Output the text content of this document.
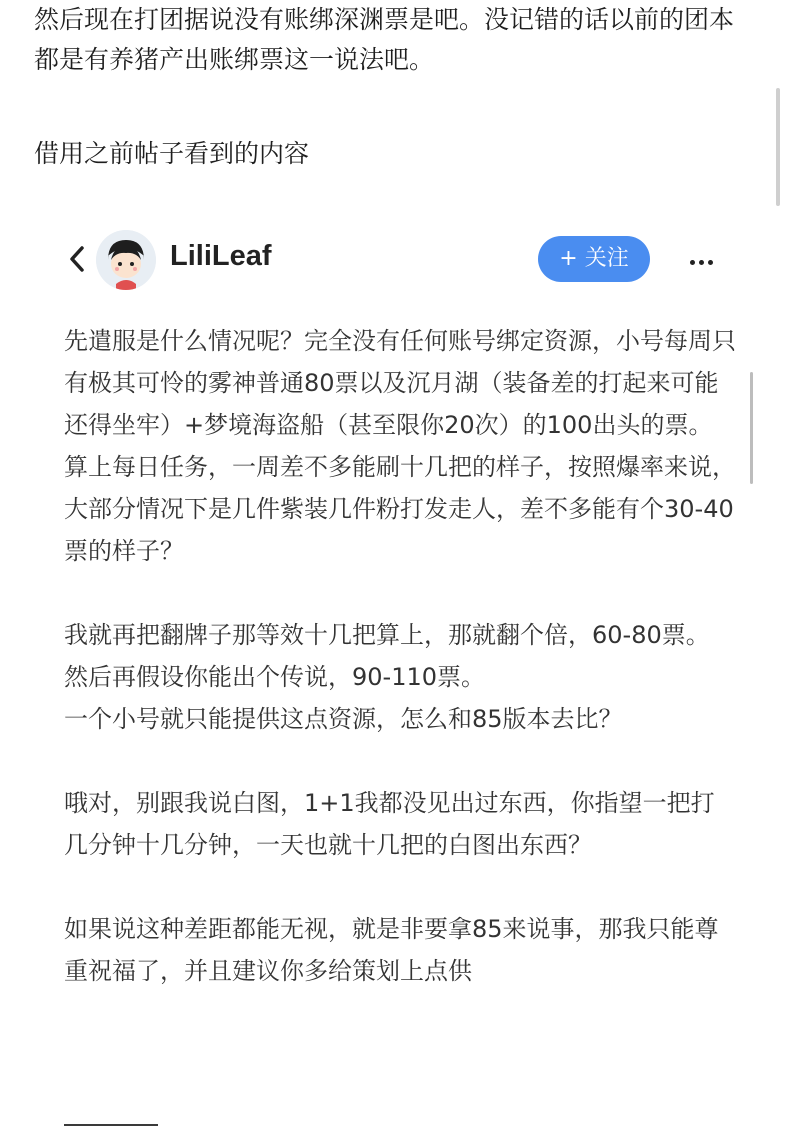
然后现在打团据说没有账绑深渊票是吧。没记错的话以前的团本都是有养猪产出账绑票这一说法吧。

借用之前帖子看到的内容

LiliLeaf	+ 关注

先遣服是什么情况呢？完全没有任何账号绑定资源，小号每周只有极其可怜的雾神普通80票以及沉月湖（装备差的打起来可能还得坐牢）+梦境海盗船（甚至限你20次）的100出头的票。

算上每日任务，一周差不多能刷十几把的样子，按照爆率来说，大部分情况下是几件紫装几件粉打发走人，差不多能有个30-40票的样子？

我就再把翻牌子那等效十几把算上，那就翻个倍，60-80票。

然后再假设你能出个传说，90-110票。

一个小号就只能提供这点资源，怎么和85版本去比？

哦对，别跟我说白图，1+1我都没见出过东西，你指望一把打几分钟十几分钟，一天也就十几把的白图出东西？

如果说这种差距都能无视，就是非要拿85来说事，那我只能尊重祝福了，并且建议你多给策划上点供
